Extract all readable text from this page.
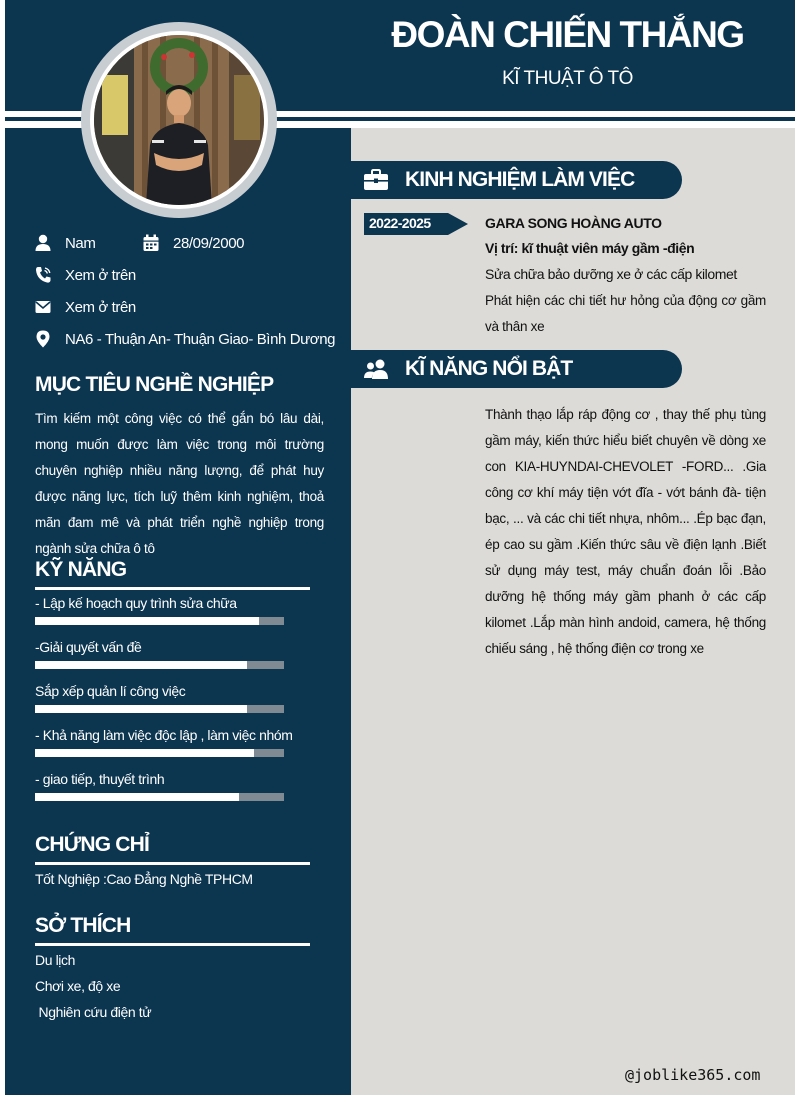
ĐOÀN CHIẾN THẮNG
KĨ THUẬT Ô TÔ
Nam	28/09/2000
Xem ở trên
Xem ở trên
NA6 - Thuận An- Thuận Giao- Bình Dương
MỤC TIÊU NGHỀ NGHIỆP
Tìm kiếm một công việc có thể gắn bó lâu dài, mong muốn được làm việc trong môi trường chuyên nghiệp nhiều năng lượng, để phát huy được năng lực, tích luỹ thêm kinh nghiệm, thoả mãn đam mê và phát triển nghề nghiệp trong ngành sửa chữa ô tô
KỸ NĂNG
- Lập kế hoạch quy trình sửa chữa
-Giải quyết vấn đề
Sắp xếp quản lí công việc
- Khả năng làm việc độc lập , làm việc nhóm
- giao tiếp, thuyết trình
CHỨNG CHỈ
Tốt Nghiệp :Cao Đẳng Nghề TPHCM
SỞ THÍCH
Du lịch
Chơi xe, độ xe
Nghiên cứu điện tử
KINH NGHIỆM LÀM VIỆC
2022-2025	GARA SONG HOÀNG AUTO
Vị trí: kĩ thuật viên máy gầm -điện
Sửa chữa bảo dưỡng xe ở các cấp kilomet
Phát hiện các chi tiết hư hỏng của động cơ gầm và thân xe
KĨ NĂNG NỔI BẬT
Thành thạo lắp ráp động cơ , thay thế phụ tùng gầm máy, kiến thức hiểu biết chuyên về dòng xe con KIA-HUYNDAI-CHEVOLET -FORD... .Gia công cơ khí máy tiện vớt đĩa - vớt bánh đà- tiện bạc, ... và các chi tiết nhựa, nhôm... .Ép bạc đạn, ép cao su gầm .Kiến thức sâu về điện lạnh .Biết sử dụng máy test, máy chuẩn đoán lỗi .Bảo dưỡng hệ thống máy gầm phanh ở các cấp kilomet .Lắp màn hình andoid, camera, hệ thống chiếu sáng , hệ thống điện cơ trong xe
@joblike365.com
